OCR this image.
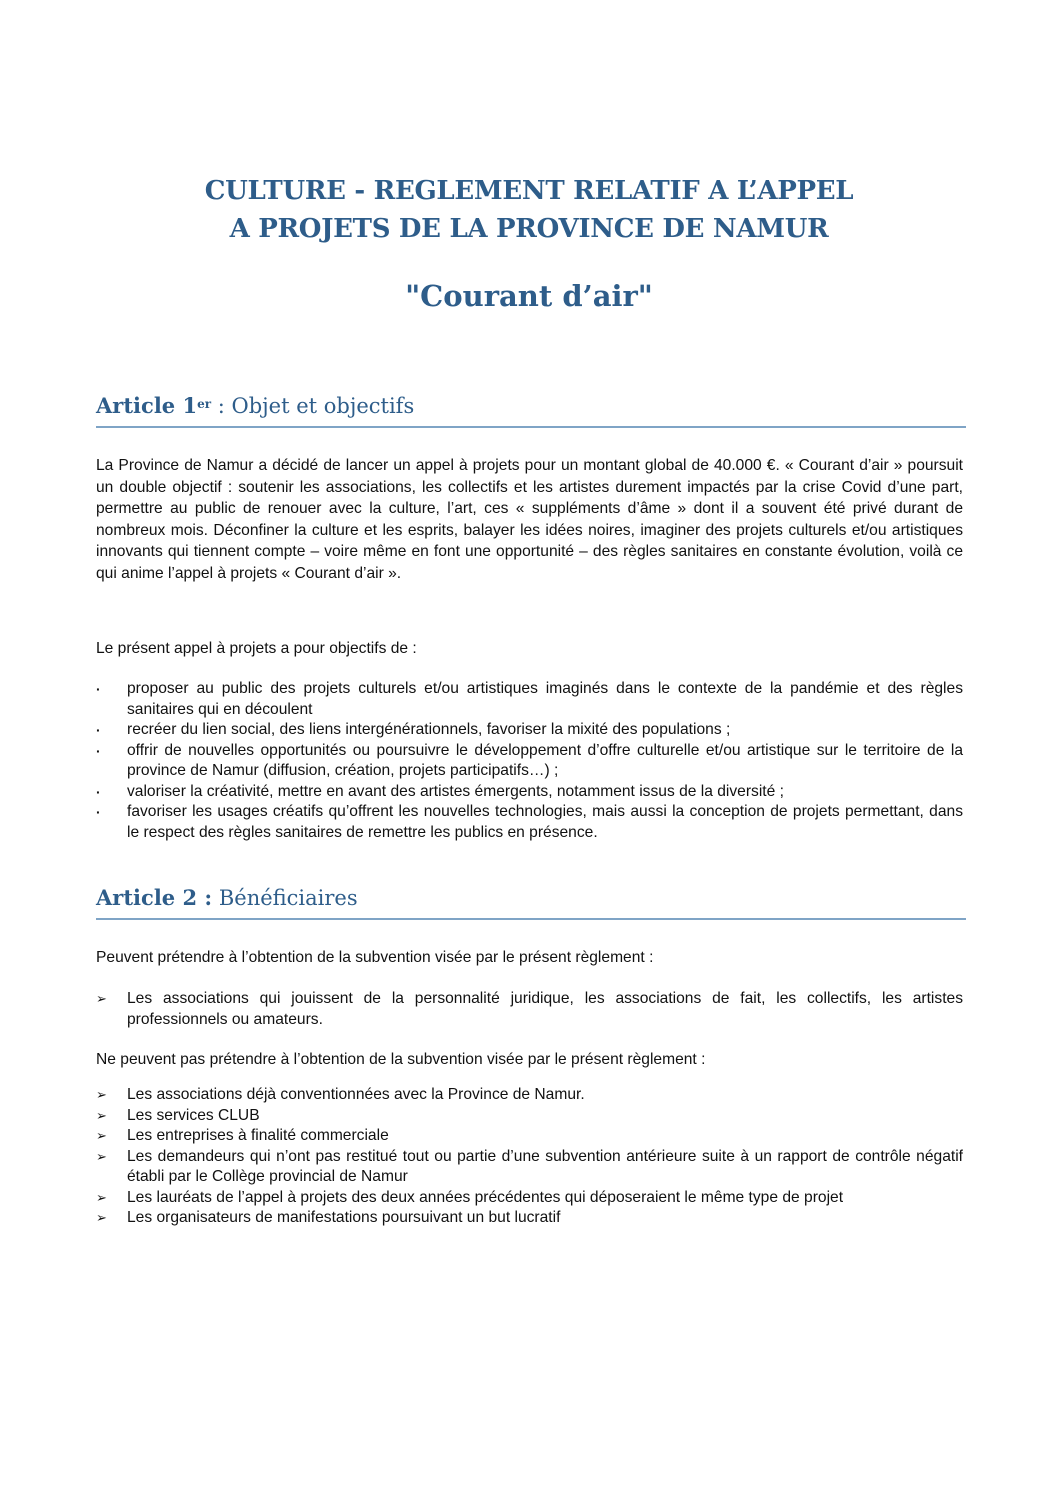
CULTURE - REGLEMENT RELATIF A L’APPEL
A PROJETS DE LA PROVINCE DE NAMUR
"Courant d’air"
Article 1er : Objet et objectifs

La Province de Namur a décidé de lancer un appel à projets pour un montant global de 40.000 €. « Courant d’air » poursuit un double objectif : soutenir les associations, les collectifs et les artistes durement impactés par la crise Covid d’une part, permettre au public de renouer avec la culture, l’art, ces « suppléments d’âme » dont il a souvent été privé durant de nombreux mois. Déconfiner la culture et les esprits, balayer les idées noires, imaginer des projets culturels et/ou artistiques innovants qui tiennent compte – voire même en font une opportunité – des règles sanitaires en constante évolution, voilà ce qui anime l’appel à projets « Courant d’air ».

Le présent appel à projets a pour objectifs de :

·	proposer au public des projets culturels et/ou artistiques imaginés dans le contexte de la pandémie et des règles sanitaires qui en découlent
·	recréer du lien social, des liens intergénérationnels, favoriser la mixité des populations ;
·	offrir de nouvelles opportunités ou poursuivre le développement d’offre culturelle et/ou artistique sur le territoire de la province de Namur (diffusion, création, projets participatifs…) ;
·	valoriser la créativité, mettre en avant des artistes émergents, notamment issus de la diversité ;
·	favoriser les usages créatifs qu’offrent les nouvelles technologies, mais aussi la conception de projets permettant, dans le respect des règles sanitaires de remettre les publics en présence.
Article 2 : Bénéficiaires

Peuvent prétendre à l’obtention de la subvention visée par le présent règlement :

➢	Les associations qui jouissent de la personnalité juridique, les associations de fait, les collectifs, les artistes professionnels ou amateurs.

Ne peuvent pas prétendre à l’obtention de la subvention visée par le présent règlement :

➢	Les associations déjà conventionnées avec la Province de Namur.
➢	Les services CLUB
➢	Les entreprises à finalité commerciale
➢	Les demandeurs qui n’ont pas restitué tout ou partie d’une subvention antérieure suite à un rapport de contrôle négatif établi par le Collège provincial de Namur
➢	Les lauréats de l’appel à projets des deux années précédentes qui déposeraient le même type de projet
➢	Les organisateurs de manifestations poursuivant un but lucratif
